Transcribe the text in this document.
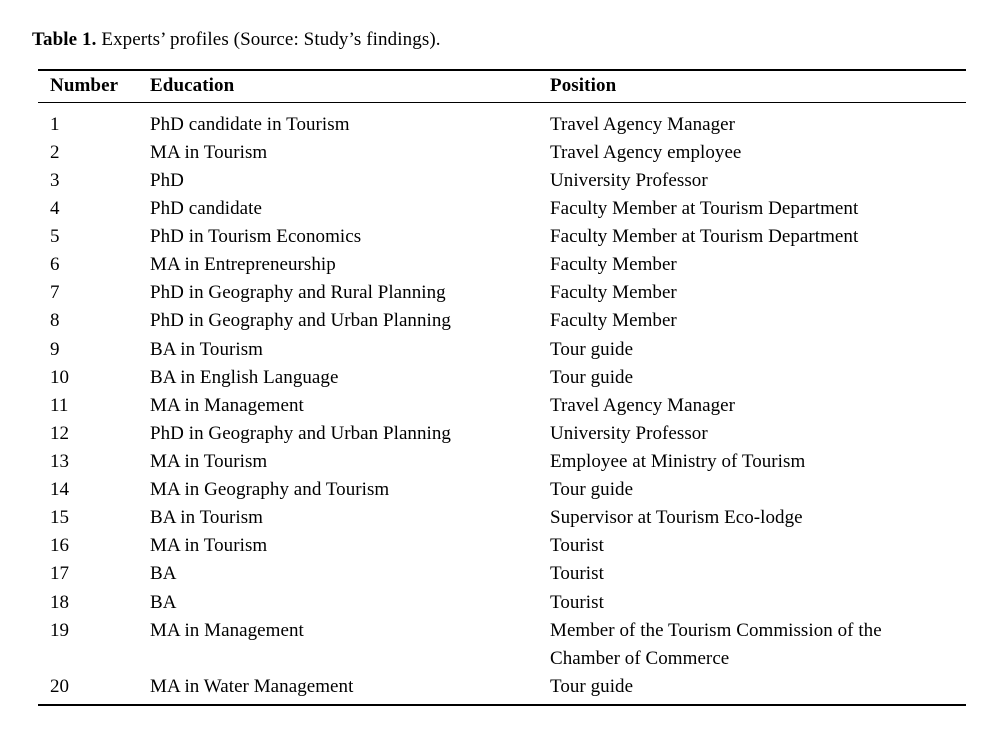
Table 1. Experts’ profiles (Source: Study’s findings).

Number	Education	Position
1	PhD candidate in Tourism	Travel Agency Manager

2	MA in Tourism	Travel Agency employee

3	PhD	University Professor

4	PhD candidate	Faculty Member at Tourism Department

5	PhD in Tourism Economics	Faculty Member at Tourism Department

6	MA in Entrepreneurship	Faculty Member

7	PhD in Geography and Rural Planning	Faculty Member

8	PhD in Geography and Urban Planning	Faculty Member

9	BA in Tourism	Tour guide

10	BA in English Language	Tour guide

11	MA in Management	Travel Agency Manager

12	PhD in Geography and Urban Planning	University Professor

13	MA in Tourism	Employee at Ministry of Tourism

14	MA in Geography and Tourism	Tour guide

15	BA in Tourism	Supervisor at Tourism Eco-lodge

16	MA in Tourism	Tourist

17	BA	Tourist

18	BA	Tourist

19	MA in Management	Member of the Tourism Commission of the
Chamber of Commerce
20	MA in Water Management	Tour guide
